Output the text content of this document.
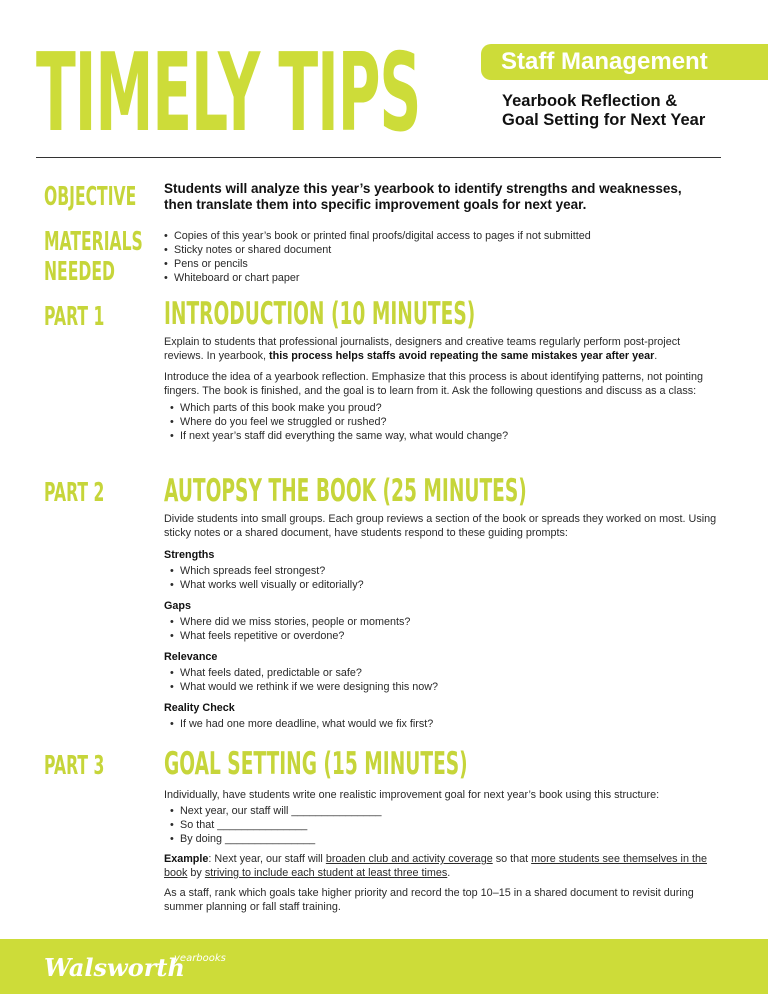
TIMELY TIPS	Staff Management
Yearbook Reflection &
Goal Setting for Next Year
OBJECTIVE Students will analyze this year’s yearbook to identify strengths and weaknesses, then translate them into specific improvement goals for next year.
MATERIALS
NEEDED
• Copies of this year’s book or printed final proofs/digital access to pages if not submitted
• Sticky notes or shared document
• Pens or pencils
• Whiteboard or chart paper
PART 1 INTRODUCTION (10 MINUTES)

Explain to students that professional journalists, designers and creative teams regularly perform post-project reviews. In yearbook, this process helps staffs avoid repeating the same mistakes year after year.

Introduce the idea of a yearbook reflection. Emphasize that this process is about identifying patterns, not pointing fingers. The book is finished, and the goal is to learn from it. Ask the following questions and discuss as a class:

• Which parts of this book make you proud?
• Where do you feel we struggled or rushed?
• If next year’s staff did everything the same way, what would change?
PART 2 AUTOPSY THE BOOK (25 MINUTES)

Divide students into small groups. Each group reviews a section of the book or spreads they worked on most. Using sticky notes or a shared document, have students respond to these guiding prompts:

Strengths
• Which spreads feel strongest?
• What works well visually or editorially?
Gaps
• Where did we miss stories, people or moments?
• What feels repetitive or overdone?
Relevance
• What feels dated, predictable or safe?
• What would we rethink if we were designing this now?
Reality Check
• If we had one more deadline, what would we fix first?
PART 3 GOAL SETTING (15 MINUTES)

Individually, have students write one realistic improvement goal for next year’s book using this structure:

• Next year, our staff will _______________
• So that _______________
• By doing _______________

Example: Next year, our staff will broaden club and activity coverage so that more students see themselves in the book by striving to include each student at least three times.

As a staff, rank which goals take higher priority and record the top 10–15 in a shared document to revisit during summer planning or fall staff training.

Walsworth
yearbooks
